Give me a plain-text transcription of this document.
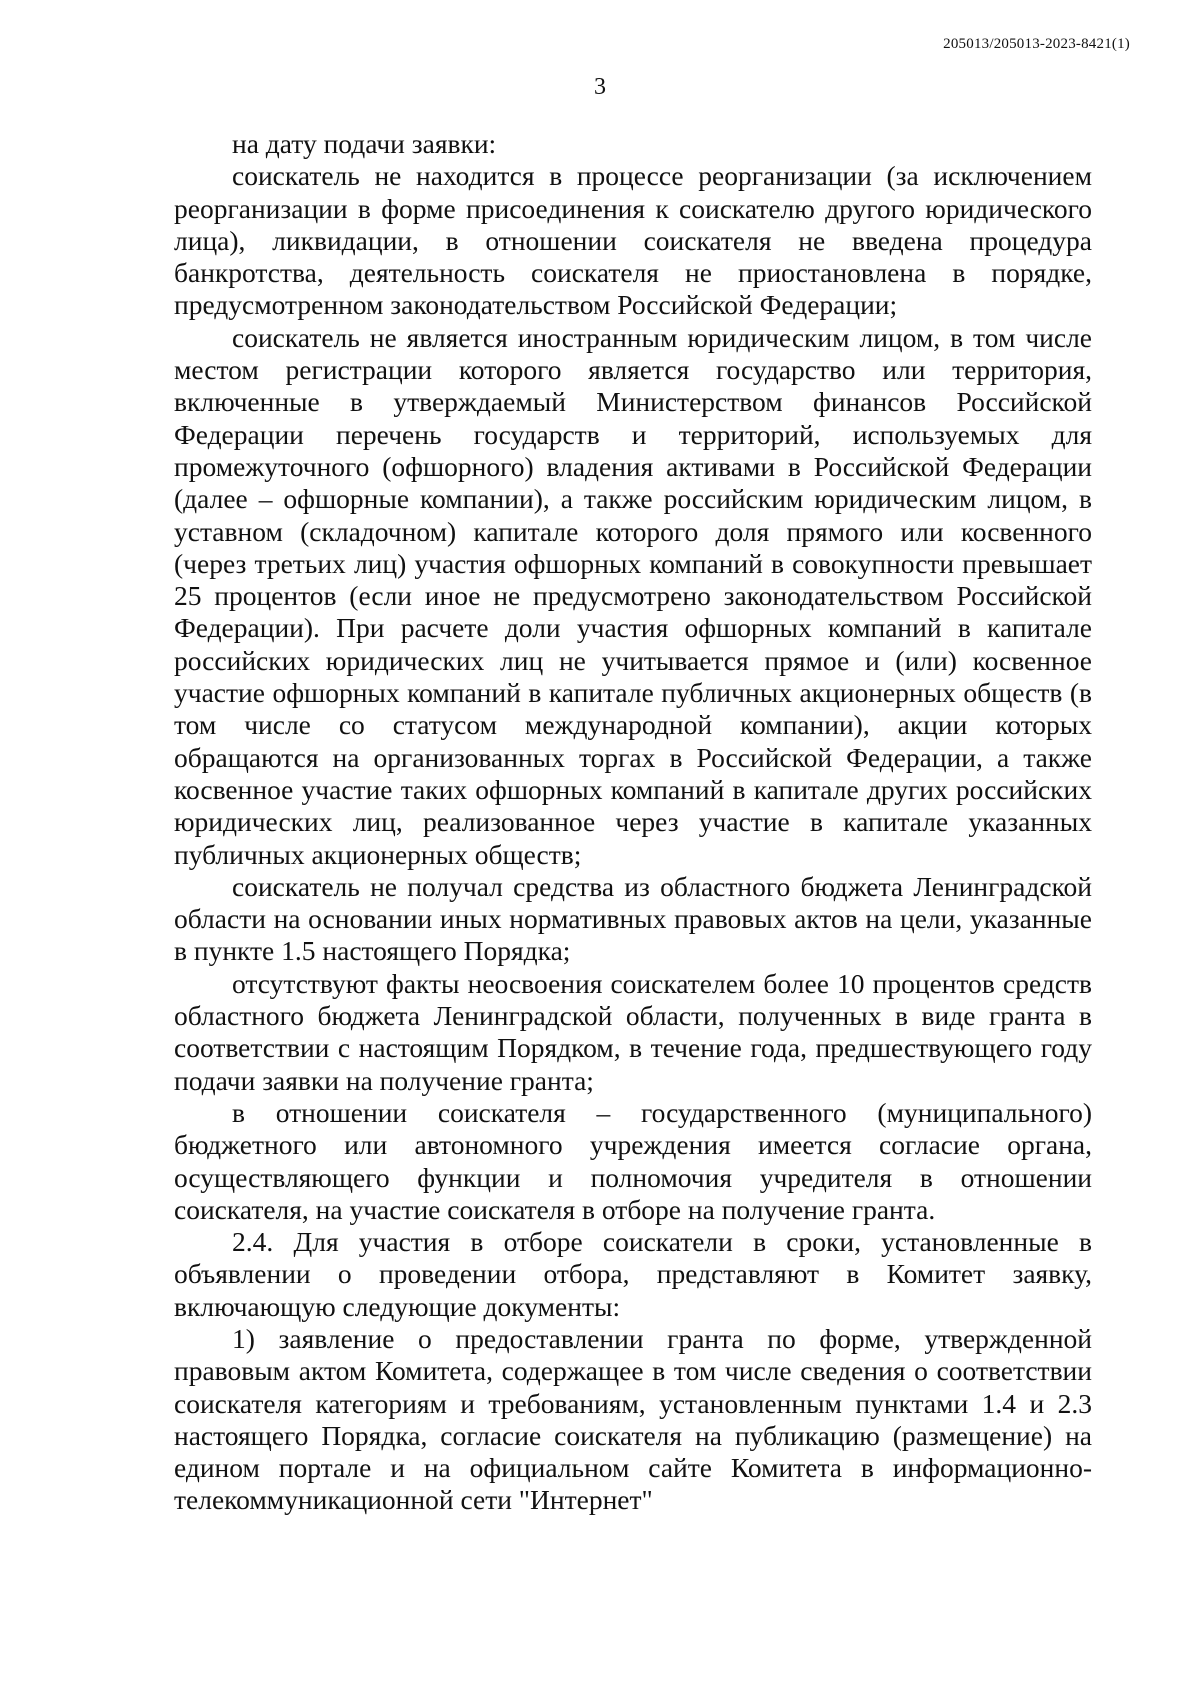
205013/205013-2023-8421(1)
3

на дату подачи заявки:

соискатель не находится в процессе реорганизации (за исключением реорганизации в форме присоединения к соискателю другого юридического лица), ликвидации, в отношении соискателя не введена процедура банкротства, деятельность соискателя не приостановлена в порядке, предусмотренном законодательством Российской Федерации;

соискатель не является иностранным юридическим лицом, в том числе местом регистрации которого является государство или территория, включенные в утверждаемый Министерством финансов Российской Федерации перечень государств и территорий, используемых для промежуточного (офшорного) владения активами в Российской Федерации (далее – офшорные компании), а также российским юридическим лицом, в уставном (складочном) капитале которого доля прямого или косвенного (через третьих лиц) участия офшорных компаний в совокупности превышает 25 процентов (если иное не предусмотрено законодательством Российской Федерации). При расчете доли участия офшорных компаний в капитале российских юридических лиц не учитывается прямое и (или) косвенное участие офшорных компаний в капитале публичных акционерных обществ (в том числе со статусом международной компании), акции которых обращаются на организованных торгах в Российской Федерации, а также косвенное участие таких офшорных компаний в капитале других российских юридических лиц, реализованное через участие в капитале указанных публичных акционерных обществ;

соискатель не получал средства из областного бюджета Ленинградской области на основании иных нормативных правовых актов на цели, указанные в пункте 1.5 настоящего Порядка;

отсутствуют факты неосвоения соискателем более 10 процентов средств областного бюджета Ленинградской области, полученных в виде гранта в соответствии с настоящим Порядком, в течение года, предшествующего году подачи заявки на получение гранта;

в отношении соискателя – государственного (муниципального) бюджетного или автономного учреждения имеется согласие органа, осуществляющего функции и полномочия учредителя в отношении соискателя, на участие соискателя в отборе на получение гранта.

2.4. Для участия в отборе соискатели в сроки, установленные в объявлении о проведении отбора, представляют в Комитет заявку, включающую следующие документы:

1) заявление о предоставлении гранта по форме, утвержденной правовым актом Комитета, содержащее в том числе сведения о соответствии соискателя категориям и требованиям, установленным пунктами 1.4 и 2.3 настоящего Порядка, согласие соискателя на публикацию (размещение) на едином портале и на официальном сайте Комитета в информационно-телекоммуникационной сети "Интернет"
